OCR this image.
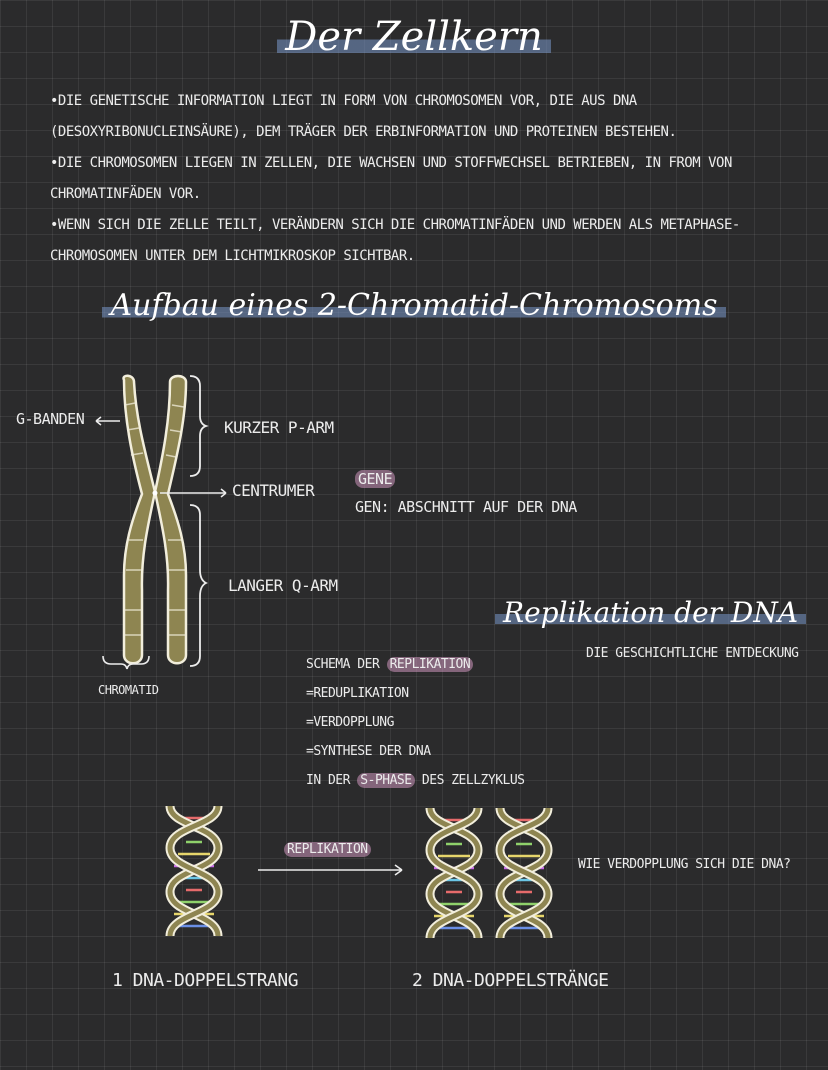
Der Zellkern
•DIE GENETISCHE INFORMATION LIEGT IN FORM VON CHROMOSOMEN VOR, DIE AUS DNA
(DESOXYRIBONUCLEINSÄURE), DEM TRÄGER DER ERBINFORMATION UND PROTEINEN BESTEHEN.
•DIE CHROMOSOMEN LIEGEN IN ZELLEN, DIE WACHSEN UND STOFFWECHSEL BETRIEBEN, IN FROM VON
CHROMATINFÄDEN VOR.
•WENN SICH DIE ZELLE TEILT, VERÄNDERN SICH DIE CHROMATINFÄDEN UND WERDEN ALS METAPHASE-
CHROMOSOMEN UNTER DEM LICHTMIKROSKOP SICHTBAR.
Aufbau eines 2-Chromatid-Chromosoms
G-BANDEN	KURZER P-ARM
CENTRUMER
LANGER Q-ARM
CHROMATID
GENE
GEN: ABSCHNITT AUF DER DNA
Replikation der DNA
DIE GESCHICHTLICHE ENTDECKUNG
SCHEMA DER REPLIKATION
=REDUPLIKATION
=VERDOPPLUNG
=SYNTHESE DER DNA
IN DER S-PHASE DES ZELLZYKLUS
REPLIKATION
WIE VERDOPPLUNG SICH DIE DNA?
1 DNA-DOPPELSTRANG	2 DNA-DOPPELSTRÄNGE
